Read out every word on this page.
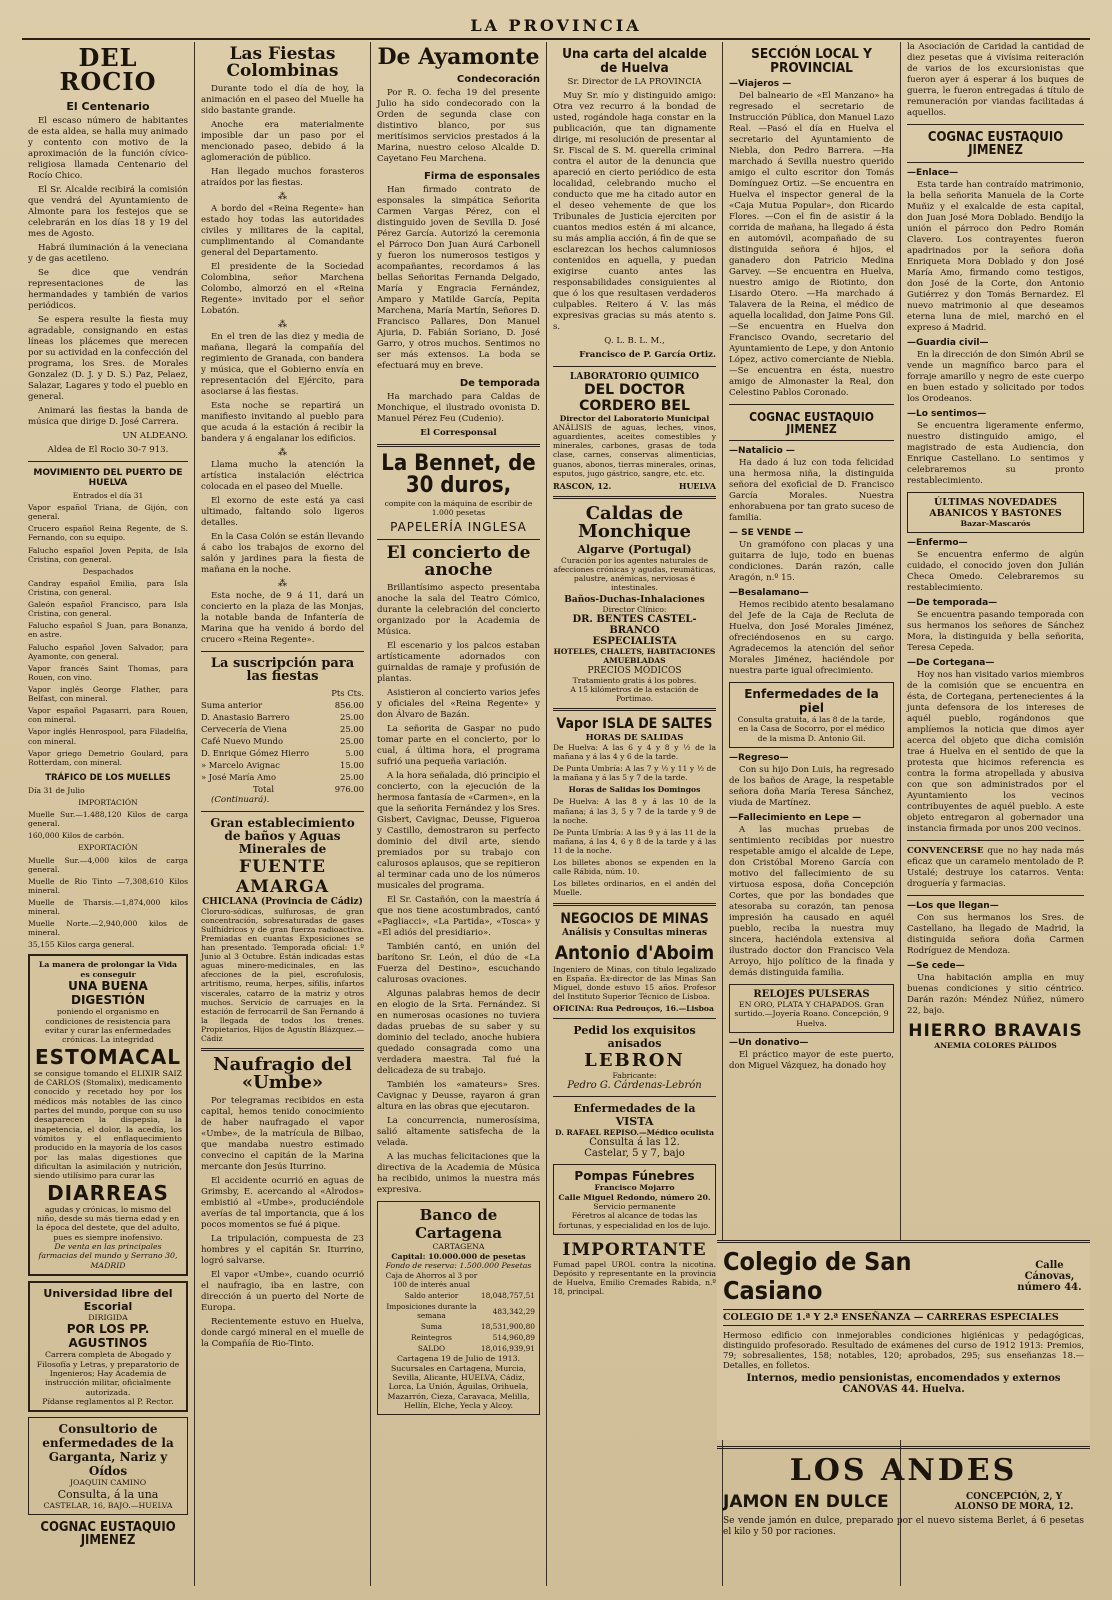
LA PROVINCIA
DEL ROCIO
El Centenario

El escaso número de habitantes de esta aldea, se halla muy animado y contento con motivo de la aproximación de la función cívico-religiosa llamada Centenario del Rocío Chico.

El Sr. Alcalde recibirá la comisión que vendrá del Ayuntamiento de Almonte para los festejos que se celebrarán en los días 18 y 19 del mes de Agosto.

Habrá iluminación á la veneciana y de gas acetileno.

Se dice que vendrán representaciones de las hermandades y también de varios periódicos.

Se espera resulte la fiesta muy agradable, consignando en estas líneas los plácemes que merecen por su actividad en la confección del programa, los Sres. de Morales Gonzalez (D. J. y D. S.) Paz, Pelaez, Salazar, Lagares y todo el pueblo en general.

Animará las fiestas la banda de música que dirige D. José Carrera.

UN ALDEANO.

Aldea de El Rocio 30-7 913.

MOVIMIENTO DEL PUERTO DE HUELVA

Entrados el día 31

Vapor español Triana, de Gijón, con general.

Crucero español Reina Regente, de S. Fernando, con su equipo.

Falucho español Joven Pepita, de Isla Cristina, con general.

Despachados

Candray español Emilia, para Isla Cristina, con general.

Galeón español Francisco, para Isla Cristina, con general.

Falucho español S Juan, para Bonanza, en astre.

Falucho español Joven Salvador, para Ayamonte, con general.

Vapor francés Saint Thomas, para Rouen, con vino.

Vapor inglés George Flather, para Belfast, con mineral.

Vapor español Pagasarri, para Rouen, con mineral.

Vapor inglés Henrospool, para Filadelfia, con mineral.

Vapor griego Demetrio Goulard, para Rotterdam, con mineral.

TRÁFICO DE LOS MUELLES

Día 31 de Julio

IMPORTACIÓN

Muelle Sur.—1.488,120 Kilos de carga general.

160,000 Kilos de carbón.

EXPORTACIÓN

Muelle Sur.—4,000 kilos de carga general.

Muelle de Rio Tinto —7,308,610 Kilos mineral.

Muelle de Tharsis.—1,874,000 kilos mineral.

Muelle Norte.—2,940,000 kilos de mineral.

35,155 Kilos carga general.

La manera de prolongar la Vida es conseguir
UNA BUENA DIGESTIÓN
poniendo el organismo en condiciones de resistencia para evitar y curar las enfermedades crónicas. La integridad
ESTOMACAL
se consigue tomando el ELIXIR SAIZ de CARLOS (Stomalix), medicamento conocido y recetado hoy por los médicos más notables de las cinco partes del mundo, porque con su uso desaparecen la dispepsia, la inapetencia, el dolor, la acedía, los vómitos y el enflaquecimiento producido en la mayoría de los casos por las malas digestiones que dificultan la asimilación y nutrición, siendo utilísimo para curar las
DIARREAS
agudas y crónicas, lo mismo del niño, desde su más tierna edad y en la época del destete, que del adulto, pues es siempre inofensivo.
De venta en las principales farmacias del mundo y Serrano 30, MADRID
Universidad libre del Escorial
DIRIGIDA
POR LOS PP. AGUSTINOS
Carrera completa de Abogado y Filosofía y Letras, y preparatorio de Ingenieros; Hay Academia de instrucción militar, oficialmente autorizada.
Pídanse reglamentos al P. Rector.
Consultorio de enfermedades de la Garganta, Nariz y Oídos
JOAQUIN CAMINO
Consulta, á la una
CASTELAR, 16, BAJO.—HUELVA
COGNAC EUSTAQUIO JIMENEZ
Las Fiestas Colombinas

Durante todo el día de hoy, la animación en el paseo del Muelle ha sido bastante grande.

Anoche era materialmente imposible dar un paso por el mencionado paseo, debido á la aglomeración de público.

Han llegado muchos forasteros atraídos por las fiestas.

⁂

A bordo del «Reina Regente» han estado hoy todas las autoridades civiles y militares de la capital, cumplimentando al Comandante general del Departamento.

El presidente de la Sociedad Colombina, señor Marchena Colombo, almorzó en el «Reina Regente» invitado por el señor Lobatón.

⁂

En el tren de las diez y media de mañana, llegará la compañía del regimiento de Granada, con bandera y música, que el Gobierno envía en representación del Ejército, para asociarse á las fiestas.

Esta noche se repartirá un manifiesto invitando al pueblo para que acuda á la estación á recibir la bandera y á engalanar los edificios.

⁂

Llama mucho la atención la artística instalación eléctrica colocada en el paseo del Muelle.

El exorno de este está ya casi ultimado, faltando solo ligeros detalles.

En la Casa Colón se están llevando á cabo los trabajos de exorno del salón y jardines para la fiesta de mañana en la noche.

⁂

Esta noche, de 9 á 11, dará un concierto en la plaza de las Monjas, la notable banda de Infantería de Marina que ha venido á bordo del crucero «Reina Regente».

La suscripción para las fiestas
	Pts Cts.
Suma anterior	856.00
D. Anastasio Barrero	25.00
Cervecería de Viena	25.00
Café Nuevo Mundo	25.00
D. Enrique Gómez Hierro	5.00
» Marcelo Avignac	15.00
» José María Amo	25.00
Total	976.00

(Continuará).

Gran establecimiento de baños y Aguas Minerales de
FUENTE AMARGA
CHICLANA (Provincia de Cádiz)

Cloruro-sódicas, sulfurosas, de gran concentración, sobresaturadas de gases Sulfhídricos y de gran fuerza radioactiva. Premiadas en cuantas Exposiciones se han presentado. Temporada oficial: 1.º Junio al 3 Octubre. Están indicadas estas aguas minero-medicinales, en las afecciones de la piel, escrofulosis, artritismo, reuma, herpes, sífilis, infartos viscerales, catarro de la matriz y otros muchos. Servicio de carruajes en la estación de ferrocarril de San Fernando á la llegada de todos los trenes. Propietarios, Hijos de Agustín Blázquez.—Cádiz

Naufragio del «Umbe»

Por telegramas recibidos en esta capital, hemos tenido conocimiento de haber naufragado el vapor «Umbe», de la matrícula de Bilbao, que mandaba nuestro estimado convecino el capitán de la Marina mercante don Jesús Iturrino.

El accidente ocurrió en aguas de Grimsby, E. acercando al «Alrodos» embistió al «Umbe», produciéndole averías de tal importancia, que á los pocos momentos se fué á pique.

La tripulación, compuesta de 23 hombres y el capitán Sr. Iturrino, logró salvarse.

El vapor «Umbe», cuando ocurrió el naufragio, iba en lastre, con dirección á un puerto del Norte de Europa.

Recientemente estuvo en Huelva, donde cargó mineral en el muelle de la Compañía de Rio-Tinto.

De Ayamonte
Condecoración

Por R. O. fecha 19 del presente Julio ha sido condecorado con la Orden de segunda clase con distintivo blanco, por sus meritísimos servicios prestados á la Marina, nuestro celoso Alcalde D. Cayetano Feu Marchena.

Firma de esponsales

Han firmado contrato de esponsales la simpática Señorita Carmen Vargas Pérez, con el distinguido joven de Sevilla D. José Pérez García. Autorizó la ceremonia el Párroco Don Juan Aurá Carbonell y fueron los numerosos testigos y acompañantes, recordamos á las bellas Señoritas Fernanda Delgado, María y Engracia Fernández, Amparo y Matilde García, Pepita Marchena, María Martín, Señores D. Francisco Pallares, Don Manuel Ajuria, D. Fabián Soriano, D. José Garro, y otros muchos. Sentimos no ser más extensos. La boda se efectuará muy en breve.

De temporada

Ha marchado para Caldas de Monchique, el ilustrado ovonista D. Manuel Pérez Feu (Cudenio).

El Corresponsal

La Bennet, de 30 duros,

compite con la máquina de escribir de 1.000 pesetas

PAPELERÍA INGLESA
El concierto de anoche

Brillantísimo aspecto presentaba anoche la sala del Teatro Cómico, durante la celebración del concierto organizado por la Academia de Música.

El escenario y los palcos estaban artísticamente adornados con guirnaldas de ramaje y profusión de plantas.

Asistieron al concierto varios jefes y oficiales del «Reina Regente» y don Álvaro de Bazán.

La señorita de Gaspar no pudo tomar parte en el concierto, por lo cual, á última hora, el programa sufrió una pequeña variación.

A la hora señalada, dió principio el concierto, con la ejecución de la hermosa fantasía de «Carmen», en la que la señorita Fernández y los Sres. Gisbert, Cavignac, Deusse, Figueroa y Castillo, demostraron su perfecto dominio del divil arte, siendo premiados por su trabajo con calurosos aplausos, que se repitieron al terminar cada uno de los números musicales del programa.

El Sr. Castañón, con la maestría á que nos tiene acostumbrados, cantó «Pagliacci», «La Partida», «Tosca» y «El adiós del presidiario».

También cantó, en unión del barítono Sr. León, el dúo de «La Fuerza del Destino», escuchando calurosas ovaciones.

Algunas palabras hemos de decir en elogio de la Srta. Fernández. Si en numerosas ocasiones no tuviera dadas pruebas de su saber y su dominio del teclado, anoche hubiera quedado consagrada como una verdadera maestra. Tal fué la delicadeza de su trabajo.

También los «amateurs» Sres. Cavignac y Deusse, rayaron á gran altura en las obras que ejecutaron.

La concurrencia, numerosísima, salió altamente satisfecha de la velada.

A las muchas felicitaciones que la directiva de la Academia de Música ha recibido, unimos la nuestra más expresiva.

Banco de Cartagena
CARTAGENA
Capital: 10.000.000 de pesetas
Fondo de reserva: 1.500.000 Pesetas
Caja de Ahorros al 3 por 100 de interés anual	
Saldo anterior	18,048,757,51
Imposiciones durante la semana	483,342,29
Suma	18,531,900,80
Reintegros	514,960,89
SALDO	18,016,939,91
Cartagena 19 de Julio de 1913.
Sucursales en Cartagena, Murcia, Sevilla, Alicante, HUELVA, Cádiz, Lorca, La Unión, Águilas, Orihuela, Mazarrón, Cieza, Caravaca, Melilla, Hellín, Elche, Yecla y Alcoy.
Una carta del alcalde de Huelva

Sr. Director de LA PROVINCIA

Muy Sr. mío y distinguido amigo: Otra vez recurro á la bondad de usted, rogándole haga constar en la publicación, que tan dignamente dirige, mi resolución de presentar al Sr. Fiscal de S. M. querella criminal contra el autor de la denuncia que apareció en cierto periódico de esta localidad, celebrando mucho el conducto que me ha citado autor en el deseo vehemente de que los Tribunales de Justicia ejerciten por cuantos medios estén á mi alcance, su más amplia acción, á fin de que se esclarezcan los hechos calumniosos contenidos en aquella, y puedan exigirse cuanto antes las responsabilidades consiguientes al que ó los que resultasen verdaderos culpables. Reitero á V. las más expresivas gracias su más atento s. s.

Q. L. B. L. M.,

Francisco de P. García Ortiz.

LABORATORIO QUIMICO
DEL DOCTOR CORDERO BEL
Director del Laboratorio Municipal

ANÁLISIS de aguas, leches, vinos, aguardientes, aceites comestibles y minerales, carbones, grasas de toda clase, carnes, conservas alimenticias, guanos, abonos, tierras minerales, orinas, esputos, jugo gástrico, sangre, etc. etc.

RASCON, 12.	HUELVA
Caldas de Monchique
Algarve (Portugal)

Curación por los agentes naturales de afecciones crónicas y agudas, reumáticas, palustre, anémicas, nerviosas é intestinales.

Baños-Duchas-Inhalaciones
Director Clínico:
DR. BENTES CASTEL-BRANCO
ESPECIALISTA
HOTELES, CHALETS, HABITACIONES AMUEBLADAS
PRECIOS MÓDICOS
Tratamiento gratis á los pobres.
A 15 kilómetros de la estación de Portimao.
Vapor ISLA DE SALTES
HORAS DE SALIDAS

De Huelva: A las 6 y 4 y 8 y ½ de la mañana y á las 4 y 6 de la tarde.

De Punta Umbría: A las 7 y ½ y 11 y ½ de la mañana y á las 5 y 7 de la tarde.

Horas de Salidas los Domingos

De Huelva: A las 8 y á las 10 de la mañana; á las 3, 5 y 7 de la tarde y 9 de la noche.

De Punta Umbría: A las 9 y á las 11 de la mañana, á las 4, 6 y 8 de la tarde y á las 11 de la noche.

Los billetes abonos se expenden en la calle Rábida, núm. 10.

Los billetes ordinarios, en el andén del Muelle.

NEGOCIOS DE MINAS
Análisis y Consultas mineras
Antonio d'Aboim

Ingeniero de Minas, con título legalizado en España. Ex-director de las Minas San Miguel, donde estuvo 15 años. Profesor del Instituto Superior Técnico de Lisboa.

OFICINA: Rua Pedrouços, 16.—Lisboa

Pedid los exquisitos anisados
LEBRON
Fabricante:
Pedro G. Cárdenas-Lebrón
Enfermedades de la VISTA
D. RAFAEL REPISO.—Médico oculista
Consulta á las 12.
Castelar, 5 y 7, bajo
Pompas Fúnebres
Francisco Mojarro
Calle Miguel Redondo, número 20.
Servicio permanente
Féretros al alcance de todas las fortunas, y especialidad en los de lujo.
IMPORTANTE

Fumad papel UROL contra la nicotina. Depósito y representante en la provincia de Huelva, Emilio Cremades Rabida, n.º 18, principal.

SECCIÓN LOCAL Y PROVINCIAL
—Viajeros —

Del balneario de «El Manzano» ha regresado el secretario de Instrucción Pública, don Manuel Lazo Real. —Pasó el día en Huelva el secretario del Ayuntamiento de Niebla, don Pedro Barrera. —Ha marchado á Sevilla nuestro querido amigo el culto escritor don Tomás Domínguez Ortiz. —Se encuentra en Huelva el inspector general de la «Caja Mutua Popular», don Ricardo Flores. —Con el fin de asistir á la corrida de mañana, ha llegado á ésta en automóvil, acompañado de su distinguida señora é hijos, el ganadero don Patricio Medina Garvey. —Se encuentra en Huelva, nuestro amigo de Riotinto, don Lisardo Otero. —Ha marchado á Talavera de la Reina, el médico de aquella localidad, don Jaime Pons Gil. —Se encuentra en Huelva don Francisco Ovando, secretario del Ayuntamiento de Lepe, y don Antonio López, activo comerciante de Niebla. —Se encuentra en ésta, nuestro amigo de Almonaster la Real, don Celestino Pablos Coronado.

COGNAC EUSTAQUIO JIMENEZ
—Natalicio —

Ha dado á luz con toda felicidad una hermosa niña, la distinguida señora del exoficial de D. Francisco García Morales. Nuestra enhorabuena por tan grato suceso de familia.

— SE VENDE —

Un gramófono con placas y una guitarra de lujo, todo en buenas condiciones. Darán razón, calle Aragón, n.º 15.

—Besalamano—

Hemos recibido atento besalamano del Jefe de la Caja de Recluta de Huelva, don José Morales Jiménez, ofreciéndosenos en su cargo. Agradecemos la atención del señor Morales Jiménez, haciéndole por nuestra parte igual ofrecimiento.

Enfermedades de la piel
Consulta gratuita, á las 8 de la tarde, en la Casa de Socorro, por el médico de la misma D. Antonio Gil.
—Regreso—

Con su hijo Don Luis, ha regresado de los baños de Arage, la respetable señora doña María Teresa Sánchez, viuda de Martínez.

—Fallecimiento en Lepe —

A las muchas pruebas de sentimiento recibidas por nuestro respetable amigo el alcalde de Lepe, don Cristóbal Moreno García con motivo del fallecimiento de su virtuosa esposa, doña Concepción Cortes, que por las bondades que atesoraba su corazón, tan penosa impresión ha causado en aquél pueblo, reciba la nuestra muy sincera, haciéndola extensiva al ilustrado doctor don Francisco Vela Arroyo, hijo político de la finada y demás distinguida familia.

RELOJES PULSERAS
EN ORO, PLATA Y CHAPADOS. Gran surtido.—Joyería Roano. Concepción, 9 Huelva.
—Un donativo—

El práctico mayor de este puerto, don Miguel Vázquez, ha donado hoy

la Asociación de Caridad la cantidad de diez pesetas que á vivísima reiteración de varios de los excursionistas que fueron ayer á esperar á los buques de guerra, le fueron entregadas á título de remuneración por viandas facilitadas á aquellos.

COGNAC EUSTAQUIO JIMENEZ
—Enlace—

Esta tarde han contraído matrimonio, la bella señorita Manuela de la Corte Muñiz y el exalcalde de esta capital, don Juan José Mora Doblado. Bendijo la unión el párroco don Pedro Román Clavero. Los contrayentes fueron apadrinados por la señora doña Enriqueta Mora Doblado y don José María Amo, firmando como testigos, don José de la Corte, don Antonio Gutiérrez y don Tomás Bernardez. El nuevo matrimonio al que deseamos eterna luna de miel, marchó en el expreso á Madrid.

—Guardia civil—

En la dirección de don Simón Abril se vende un magnífico barco para el forraje amarillo y negro de este cuerpo en buen estado y solicitado por todos los Orodeanos.

—Lo sentimos—

Se encuentra ligeramente enfermo, nuestro distinguido amigo, el magistrado de esta Audiencia, don Enrique Castellano. Lo sentimos y celebraremos su pronto restablecimiento.

ÚLTIMAS NOVEDADES ABANICOS Y BASTONES
Bazar-Mascarós
—Enfermo—

Se encuentra enfermo de algún cuidado, el conocido joven don Julián Checa Omedo. Celebraremos su restablecimiento.

—De temporada—

Se encuentra pasando temporada con sus hermanos los señores de Sánchez Mora, la distinguida y bella señorita, Teresa Cepeda.

—De Cortegana—

Hoy nos han visitado varios miembros de la comisión que se encuentra en ésta, de Cortegana, pertenecientes á la junta defensora de los intereses de aquél pueblo, rogándonos que amplíemos la noticia que dimos ayer acerca del objeto que dicha comisión trae á Huelva en el sentido de que la protesta que hicimos referencia es contra la forma atropellada y abusiva con que son administrados por el Ayuntamiento los vecinos contribuyentes de aquél pueblo. A este objeto entregaron al gobernador una instancia firmada por unos 200 vecinos.

CONVENCERSE que no hay nada más eficaz que un caramelo mentolado de P. Ustalé; destruye los catarros. Venta: droguería y farmacias.

—Los que llegan—

Con sus hermanos los Sres. de Castellano, ha llegado de Madrid, la distinguida señora doña Carmen Rodríguez de Mendoza.

—Se cede—

Una habitación amplia en muy buenas condiciones y sitio céntrico. Darán razón: Méndez Núñez, número 22, bajo.

HIERRO BRAVAIS
ANEMIA COLORES PÁLIDOS
Colegio de San Casiano
Calle Cánovas, número 44.
COLEGIO DE 1.ª Y 2.ª ENSEÑANZA — CARRERAS ESPECIALES

Hermoso edificio con inmejorables condiciones higiénicas y pedagógicas, distinguido profesorado. Resultado de exámenes del curso de 1912 1913: Premios, 79; sobresalientes, 158; notables, 120; aprobados, 295; sus enseñanzas 18.—Detalles, en folletos.

Internos, medio pensionistas, encomendados y externos
CANOVAS 44. Huelva.
LOS ANDES
JAMON EN DULCE	CONCEPCIÓN, 2, Y ALONSO DE MORA, 12.

Se vende jamón en dulce, preparado por el nuevo sistema Berlet, á 6 pesetas el kilo y 50 por raciones.
